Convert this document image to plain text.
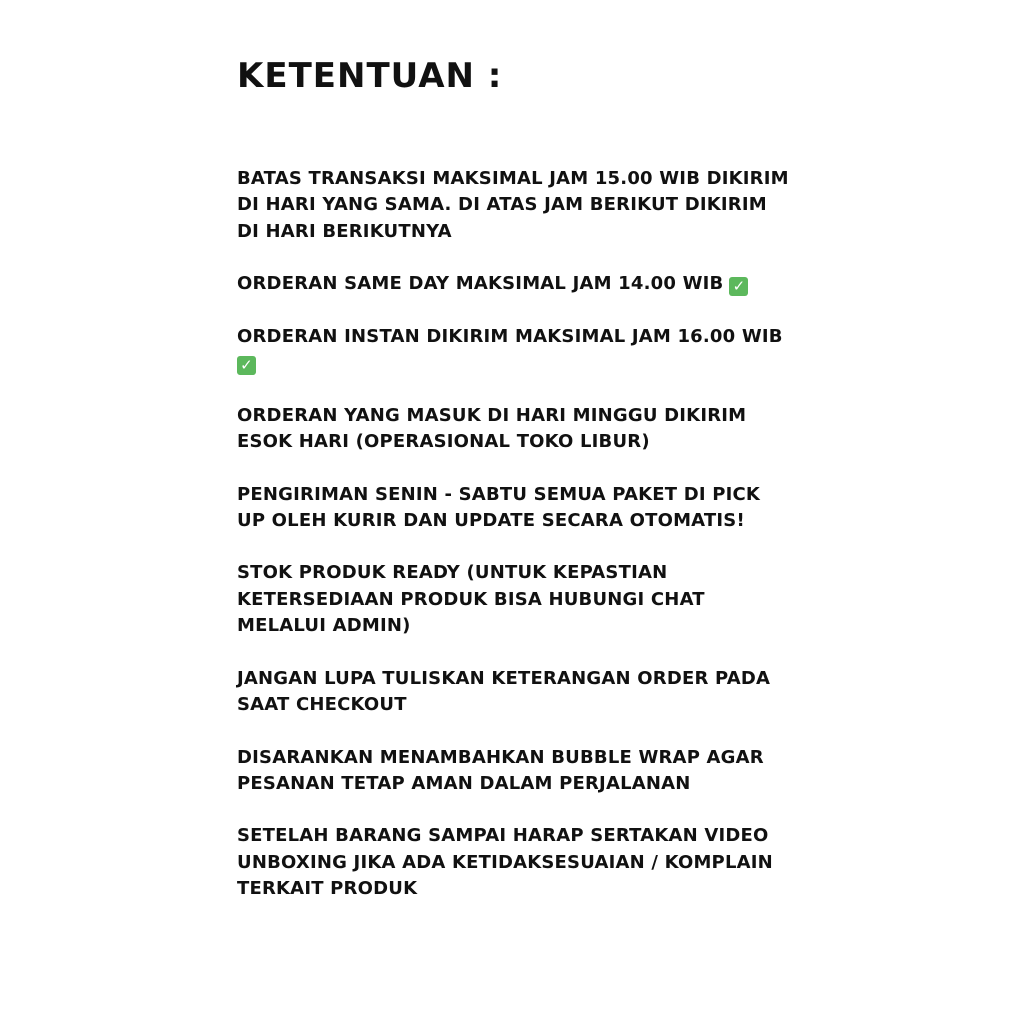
KETENTUAN :
BATAS TRANSAKSI MAKSIMAL JAM 15.00 WIB DIKIRIM
DI HARI YANG SAMA. DI ATAS JAM BERIKUT DIKIRIM
DI HARI BERIKUTNYA
ORDERAN SAME DAY MAKSIMAL JAM 14.00 WIB ✓
ORDERAN INSTAN DIKIRIM MAKSIMAL JAM 16.00 WIB
✓
ORDERAN YANG MASUK DI HARI MINGGU DIKIRIM
ESOK HARI (OPERASIONAL TOKO LIBUR)
PENGIRIMAN SENIN - SABTU SEMUA PAKET DI PICK
UP OLEH KURIR DAN UPDATE SECARA OTOMATIS!
STOK PRODUK READY (UNTUK KEPASTIAN
KETERSEDIAAN PRODUK BISA HUBUNGI CHAT
MELALUI ADMIN)
JANGAN LUPA TULISKAN KETERANGAN ORDER PADA
SAAT CHECKOUT
DISARANKAN MENAMBAHKAN BUBBLE WRAP AGAR
PESANAN TETAP AMAN DALAM PERJALANAN
SETELAH BARANG SAMPAI HARAP SERTAKAN VIDEO
UNBOXING JIKA ADA KETIDAKSESUAIAN / KOMPLAIN
TERKAIT PRODUK
